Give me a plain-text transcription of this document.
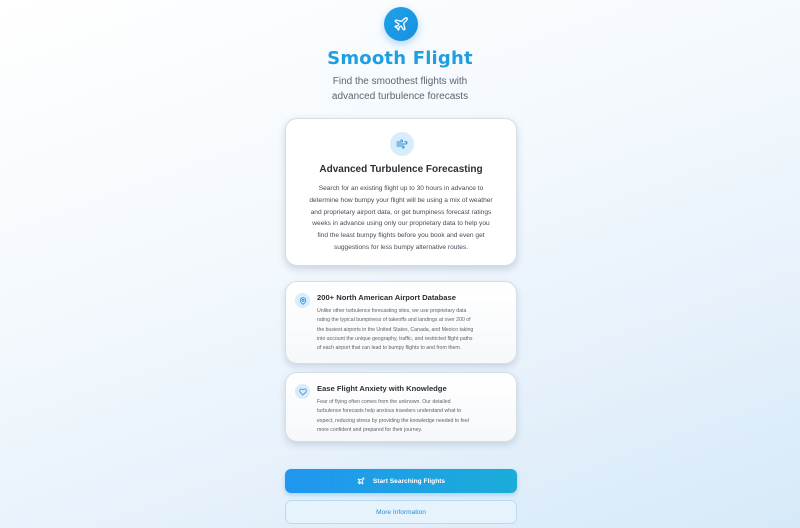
Smooth Flight
Find the smoothest flights with
advanced turbulence forecasts
Advanced Turbulence Forecasting
Search for an existing flight up to 30 hours in advance to
determine how bumpy your flight will be using a mix of weather
and proprietary airport data, or get bumpiness forecast ratings
weeks in advance using only our proprietary data to help you
find the least bumpy flights before you book and even get
suggestions for less bumpy alternative routes.
200+ North American Airport Database
Unlike other turbulence forecasting sites, we use proprietary data
rating the typical bumpiness of takeoffs and landings at over 200 of
the busiest airports in the United States, Canada, and Mexico taking
into account the unique geography, traffic, and restricted flight paths
of each airport that can lead to bumpy flights to and from them.
Ease Flight Anxiety with Knowledge
Fear of flying often comes from the unknown. Our detailed
turbulence forecasts help anxious travelers understand what to
expect, reducing stress by providing the knowledge needed to feel
more confident and prepared for their journey.
Start Searching Flights
More Information
